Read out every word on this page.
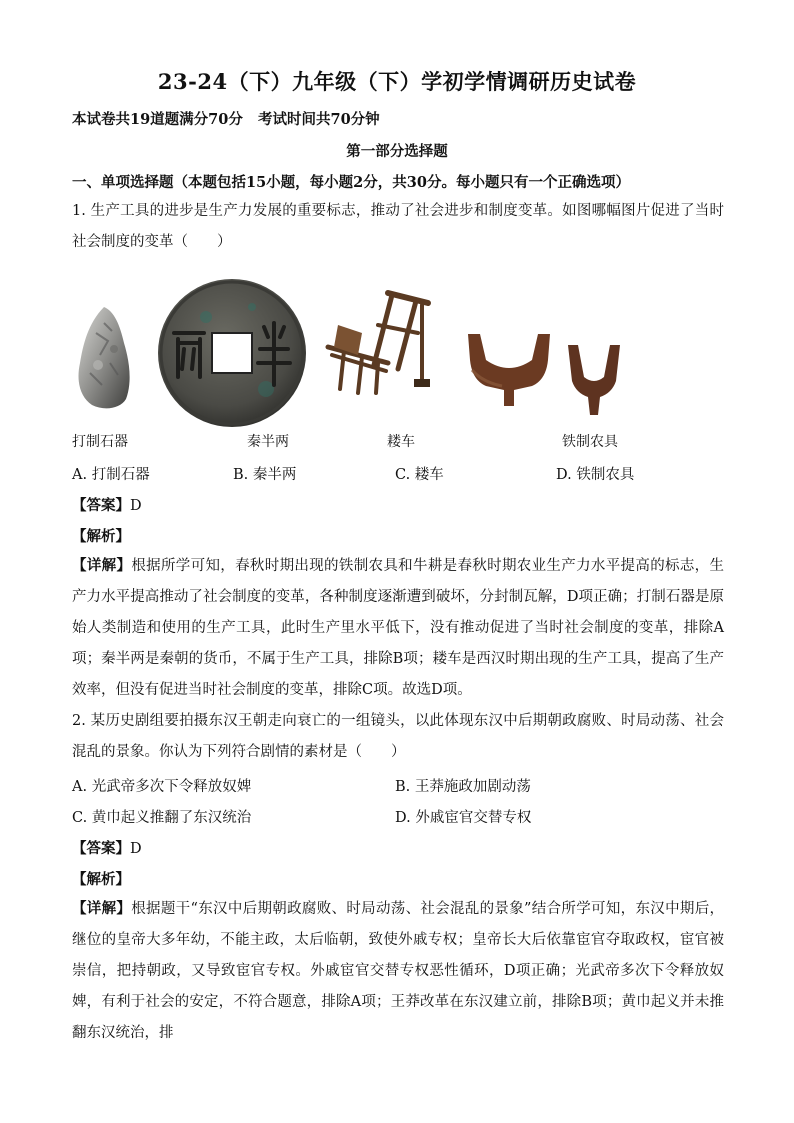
23-24（下）九年级（下）学初学情调研历史试卷
本试卷共19道题满分70分   考试时间共70分钟
第一部分选择题
一、单项选择题（本题包括15小题，每小题2分，共30分。每小题只有一个正确选项）
1. 生产工具的进步是生产力发展的重要标志，推动了社会进步和制度变革。如图哪幅图片促进了当时社会制度的变革（　　）
打制石器	秦半两	耧车	铁制农具
A. 打制石器	B. 秦半两	C. 耧车	D. 铁制农具
【答案】D
【解析】
【详解】根据所学可知，春秋时期出现的铁制农具和牛耕是春秋时期农业生产力水平提高的标志，生产力水平提高推动了社会制度的变革，各种制度逐渐遭到破坏，分封制瓦解，D项正确；打制石器是原始人类制造和使用的生产工具，此时生产里水平低下，没有推动促进了当时社会制度的变革，排除A项；秦半两是秦朝的货币，不属于生产工具，排除B项；耧车是西汉时期出现的生产工具，提高了生产效率，但没有促进当时社会制度的变革，排除C项。故选D项。
2. 某历史剧组要拍摄东汉王朝走向衰亡的一组镜头，以此体现东汉中后期朝政腐败、时局动荡、社会混乱的景象。你认为下列符合剧情的素材是（　　）
A. 光武帝多次下令释放奴婢	B. 王莽施政加剧动荡
C. 黄巾起义推翻了东汉统治	D. 外戚宦官交替专权
【答案】D
【解析】
【详解】根据题干“东汉中后期朝政腐败、时局动荡、社会混乱的景象”结合所学可知，东汉中期后，继位的皇帝大多年幼，不能主政，太后临朝，致使外戚专权；皇帝长大后依靠宦官夺取政权，宦官被崇信，把持朝政，又导致宦官专权。外戚宦官交替专权恶性循环，D项正确；光武帝多次下令释放奴婢，有利于社会的安定，不符合题意，排除A项；王莽改革在东汉建立前，排除B项；黄巾起义并未推翻东汉统治，排
